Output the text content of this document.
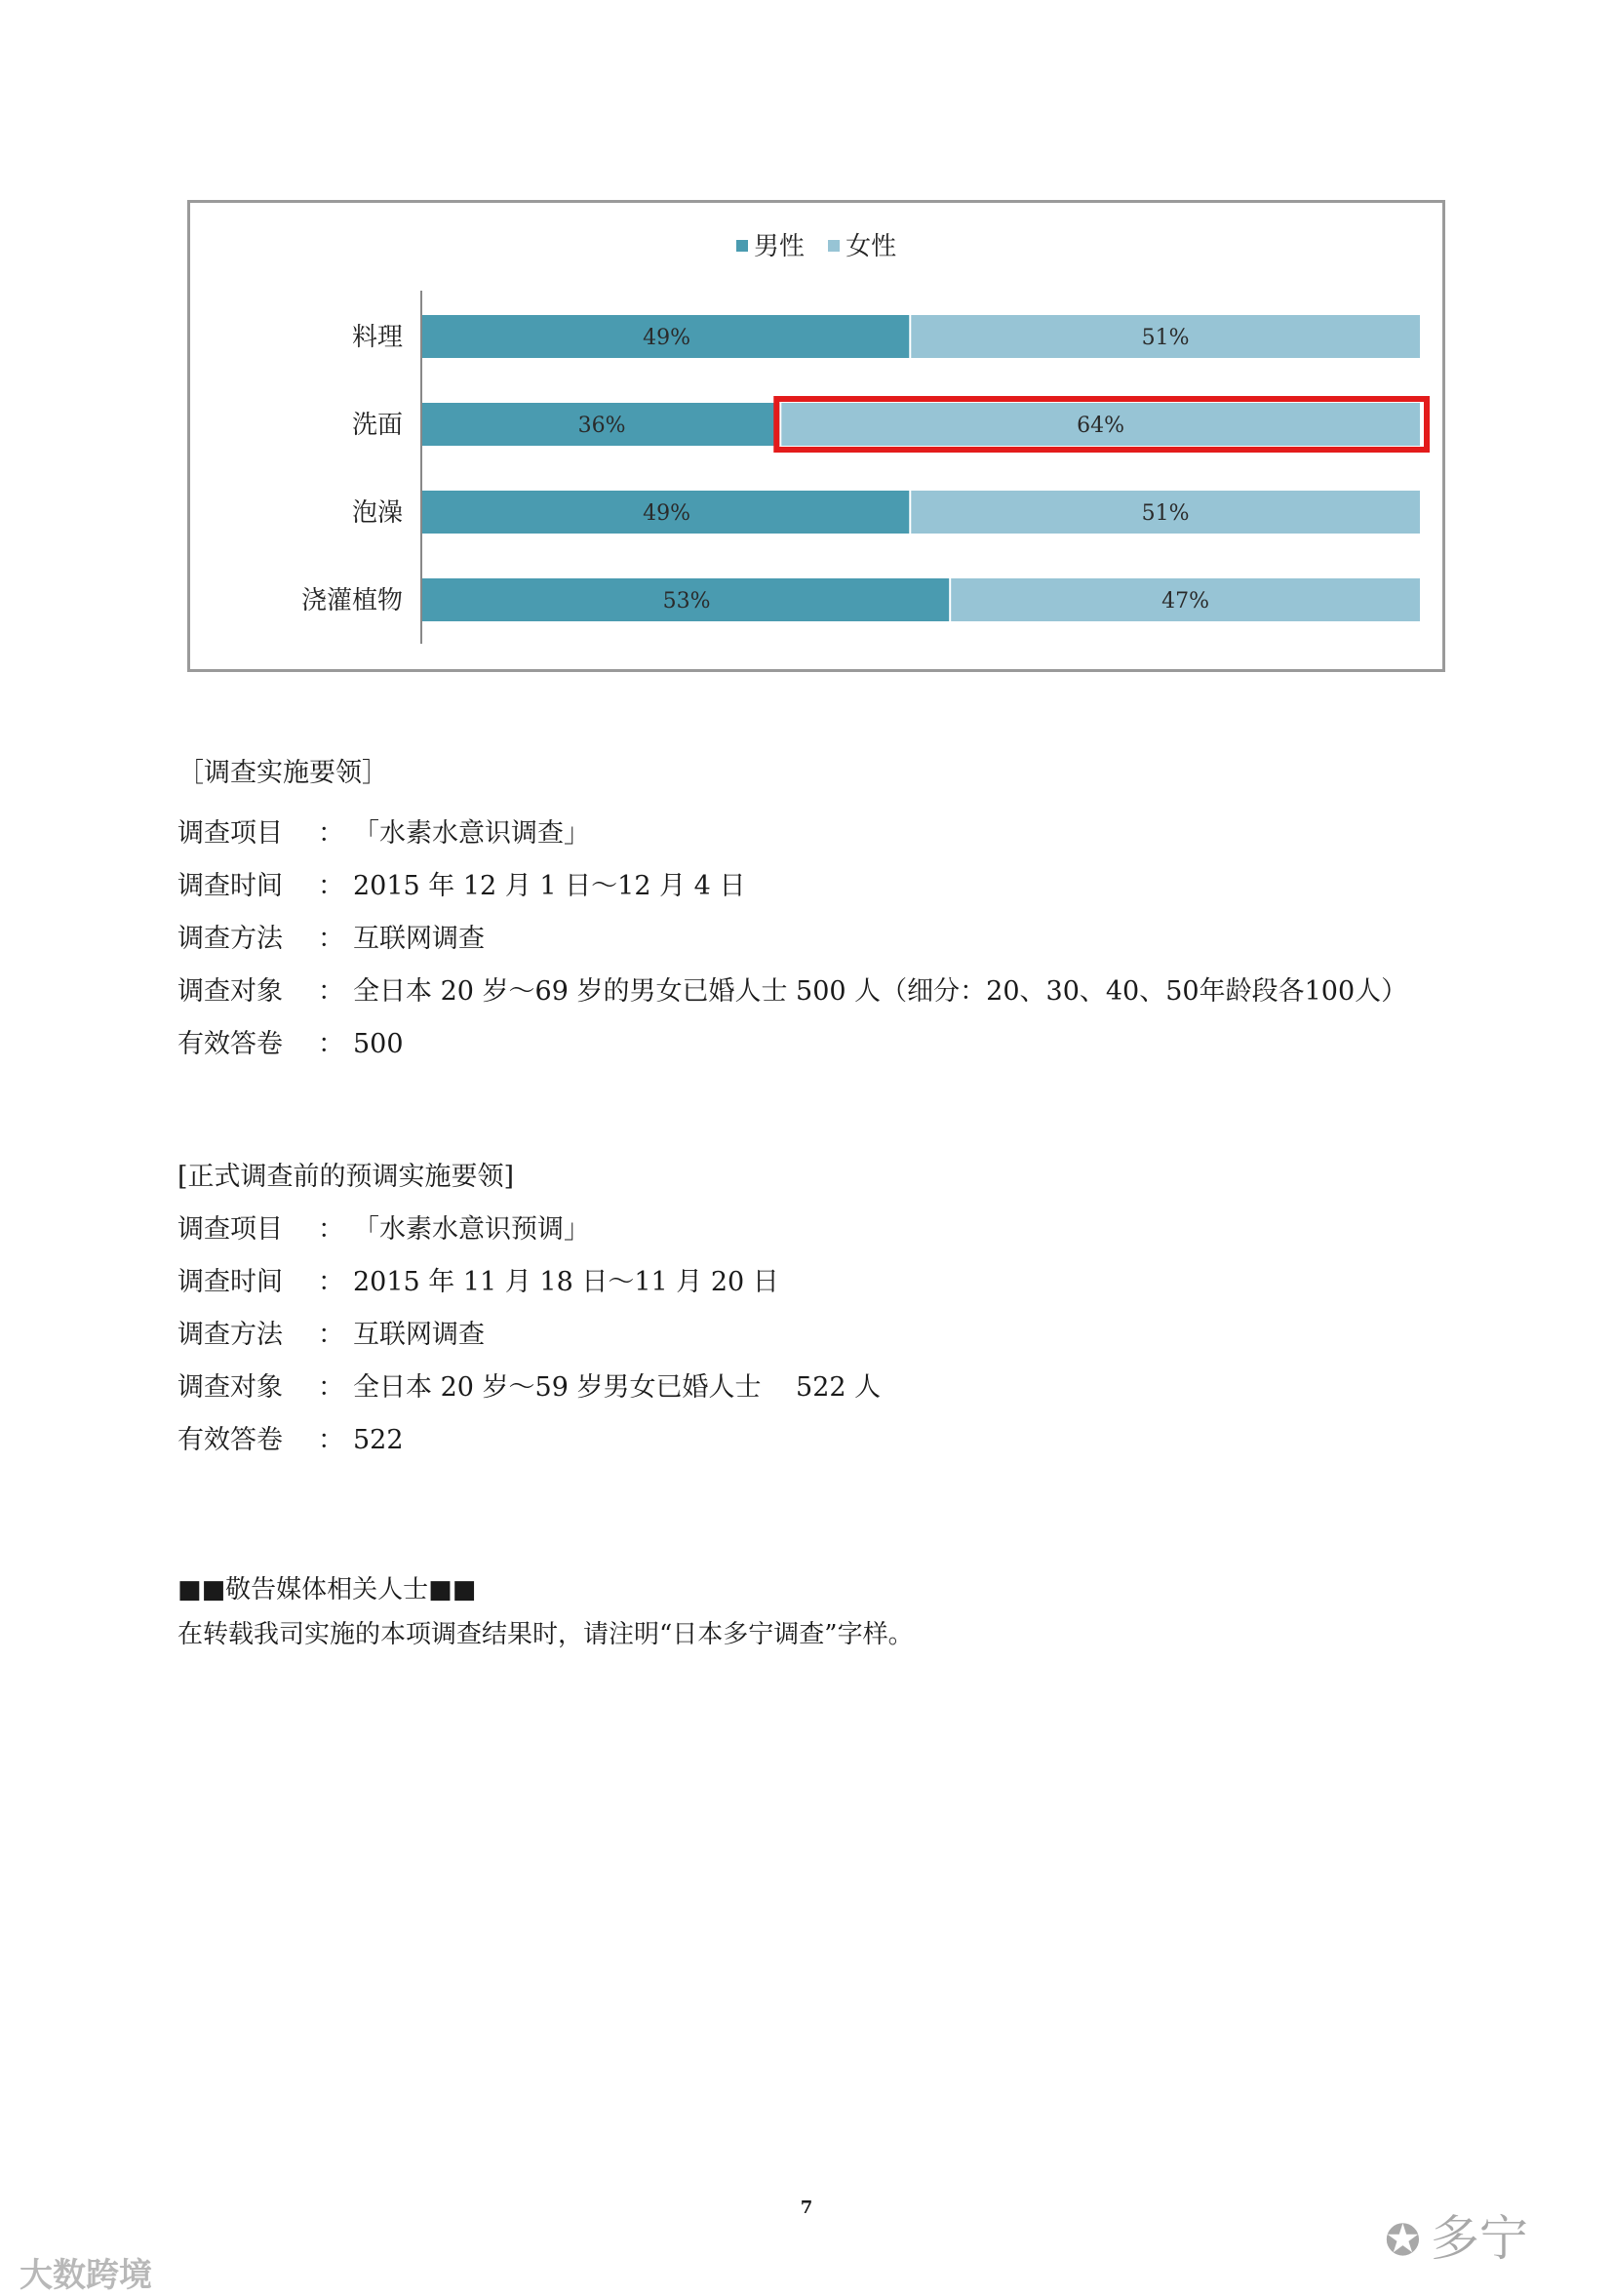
男性 女性
料理	49%	51%
洗面	36%	64%
泡澡	49%	51%
浇灌植物	53%	47%
［调查实施要领］
调查项目	： 「水素水意识调查」
调查时间	： 2015 年 12 月 1 日～12 月 4 日
调查方法	： 互联网调查
调查对象	： 全日本 20 岁～69 岁的男女已婚人士 500 人（细分：20、30、40、50年龄段各100人）
有效答卷	： 500
[正式调查前的预调实施要领]
调查项目	： 「水素水意识预调」
调查时间	： 2015 年 11 月 18 日～11 月 20 日
调查方法	： 互联网调查
调查对象	： 全日本 20 岁～59 岁男女已婚人士　 522 人
有效答卷	： 522
■■敬告媒体相关人士■■
在转载我司实施的本项调查结果时，请注明“日本多宁调查”字样。
7
大数跨境
✪ 多宁
